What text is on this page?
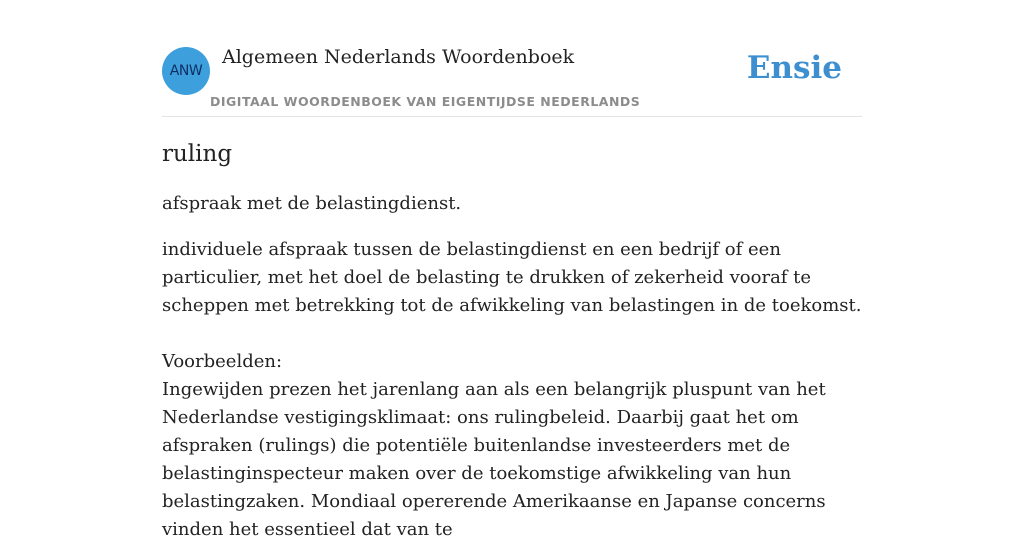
ANW
Algemeen Nederlands Woordenboek
DIGITAAL WOORDENBOEK VAN EIGENTIJDSE NEDERLANDS
Ensie
ruling

afspraak met de belastingdienst.

individuele afspraak tussen de belastingdienst en een bedrijf of een particulier, met het doel de belasting te drukken of zekerheid vooraf te scheppen met betrekking tot de afwikkeling van belastingen in de toekomst.

Voorbeelden:

Ingewijden prezen het jarenlang aan als een belangrijk pluspunt van het Nederlandse vestigingsklimaat: ons rulingbeleid. Daarbij gaat het om afspraken (rulings) die potentiële buitenlandse investeerders met de belastinginspecteur maken over de toekomstige afwikkeling van hun belastingzaken. Mondiaal opererende Amerikaanse en Japanse concerns vinden het essentieel dat van te
